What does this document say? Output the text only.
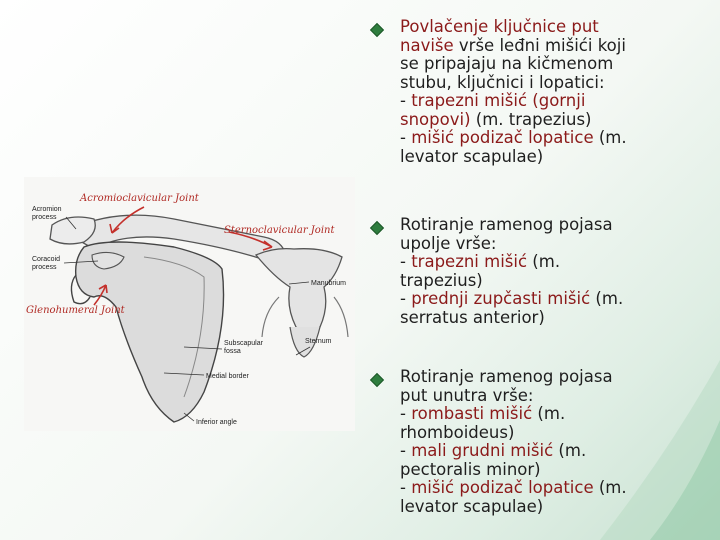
Acromioclavicular Joint
Sternoclavicular Joint
Glenohumeral Joint
Acromion
process
Coracoid
process
Manubrium
Sternum
Subscapular
fossa
Medial border
Inferior angle
Povlačenje ključnice put
naviše vrše leđni mišići koji
se pripajaju na kičmenom
stubu, ključnici i lopatici:
- trapezni mišić (gornji
snopovi) (m. trapezius)
- mišić podizač lopatice (m.
levator scapulae)
Rotiranje ramenog pojasa
upolje vrše:
- trapezni mišić (m.
trapezius)
- prednji zupčasti mišić (m.
serratus anterior)
Rotiranje ramenog pojasa
put unutra vrše:
- rombasti mišić (m.
rhomboideus)
- mali grudni mišić (m.
pectoralis minor)
- mišić podizač lopatice (m.
levator scapulae)
